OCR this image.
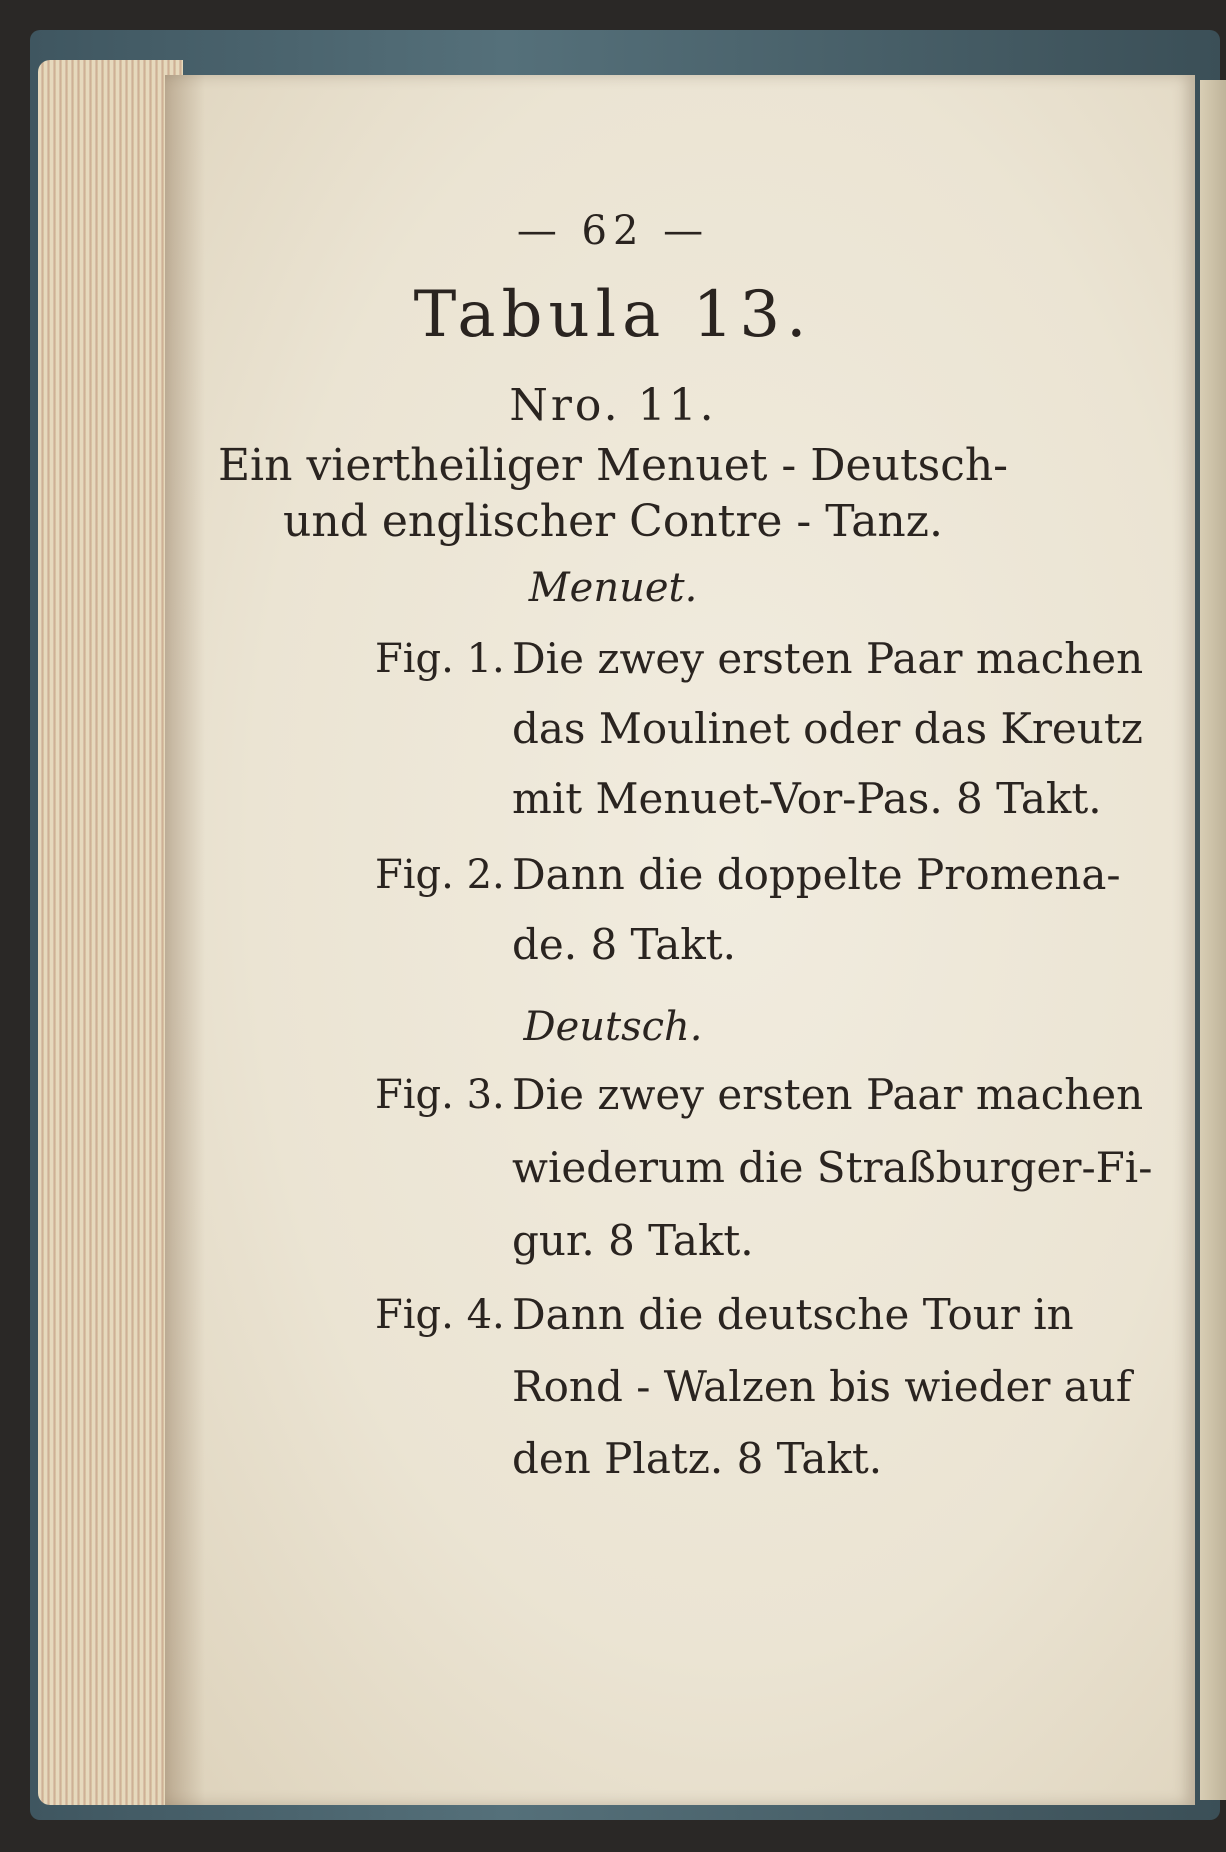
— 62 —
Tabula 13.
Nro. 11.
Ein viertheiliger Menuet - Deutsch-
und englischer Contre - Tanz.
Menuet.
Fig. 1. Die zwey ersten Paar machen
das Moulinet oder das Kreutz
mit Menuet-Vor-Pas. 8 Takt.
Fig. 2. Dann die doppelte Promena-
de. 8 Takt.
Deutsch.
Fig. 3. Die zwey ersten Paar machen
wiederum die Straßburger-Fi-
gur. 8 Takt.
Fig. 4. Dann die deutsche Tour in
Rond - Walzen bis wieder auf
den Platz. 8 Takt.
